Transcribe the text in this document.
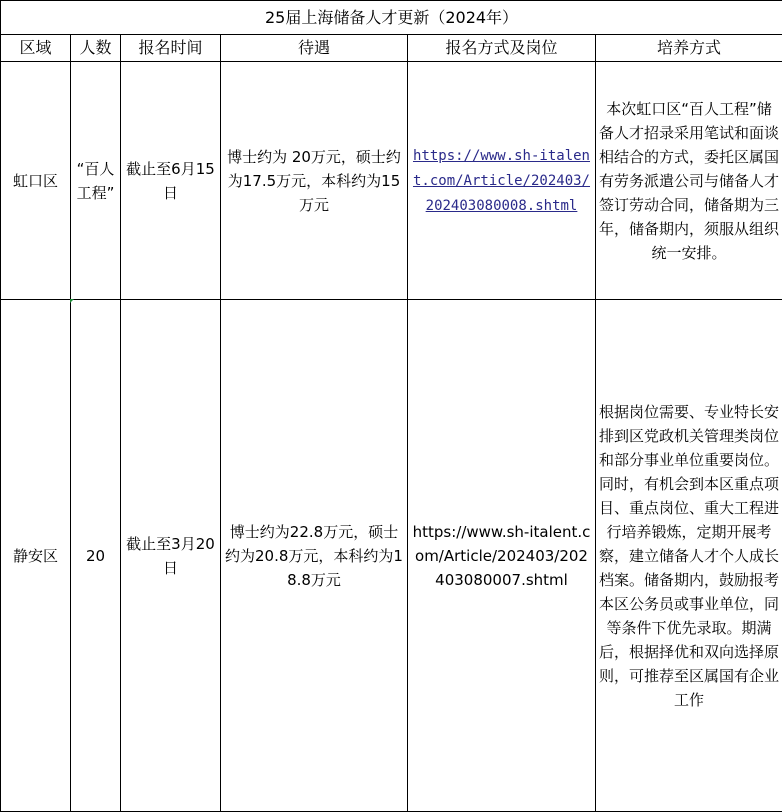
25届上海储备人才更新（2024年）					
区域	人数	报名时间	待遇	报名方式及岗位	培养方式
虹口区	“百人工程”	截止至6月15日	博士约为 20万元，硕士约为17.5万元，本科约为15万元	https://www.sh-italent.com/Article/202403/202403080008.shtml	本次虹口区“百人工程”储备人才招录采用笔试和面谈相结合的方式，委托区属国有劳务派遣公司与储备人才签订劳动合同，储备期为三年，储备期内，须服从组织统一安排。
静安区	20	截止至3月20日	博士约为22.8万元，硕士约为20.8万元，本科约为18.8万元	https://www.sh-italent.com/Article/202403/202403080007.shtml	根据岗位需要、专业特长安排到区党政机关管理类岗位和部分事业单位重要岗位。同时，有机会到本区重点项目、重点岗位、重大工程进行培养锻炼，定期开展考察，建立储备人才个人成长档案。储备期内，鼓励报考本区公务员或事业单位，同等条件下优先录取。期满后，根据择优和双向选择原则，可推荐至区属国有企业工作
